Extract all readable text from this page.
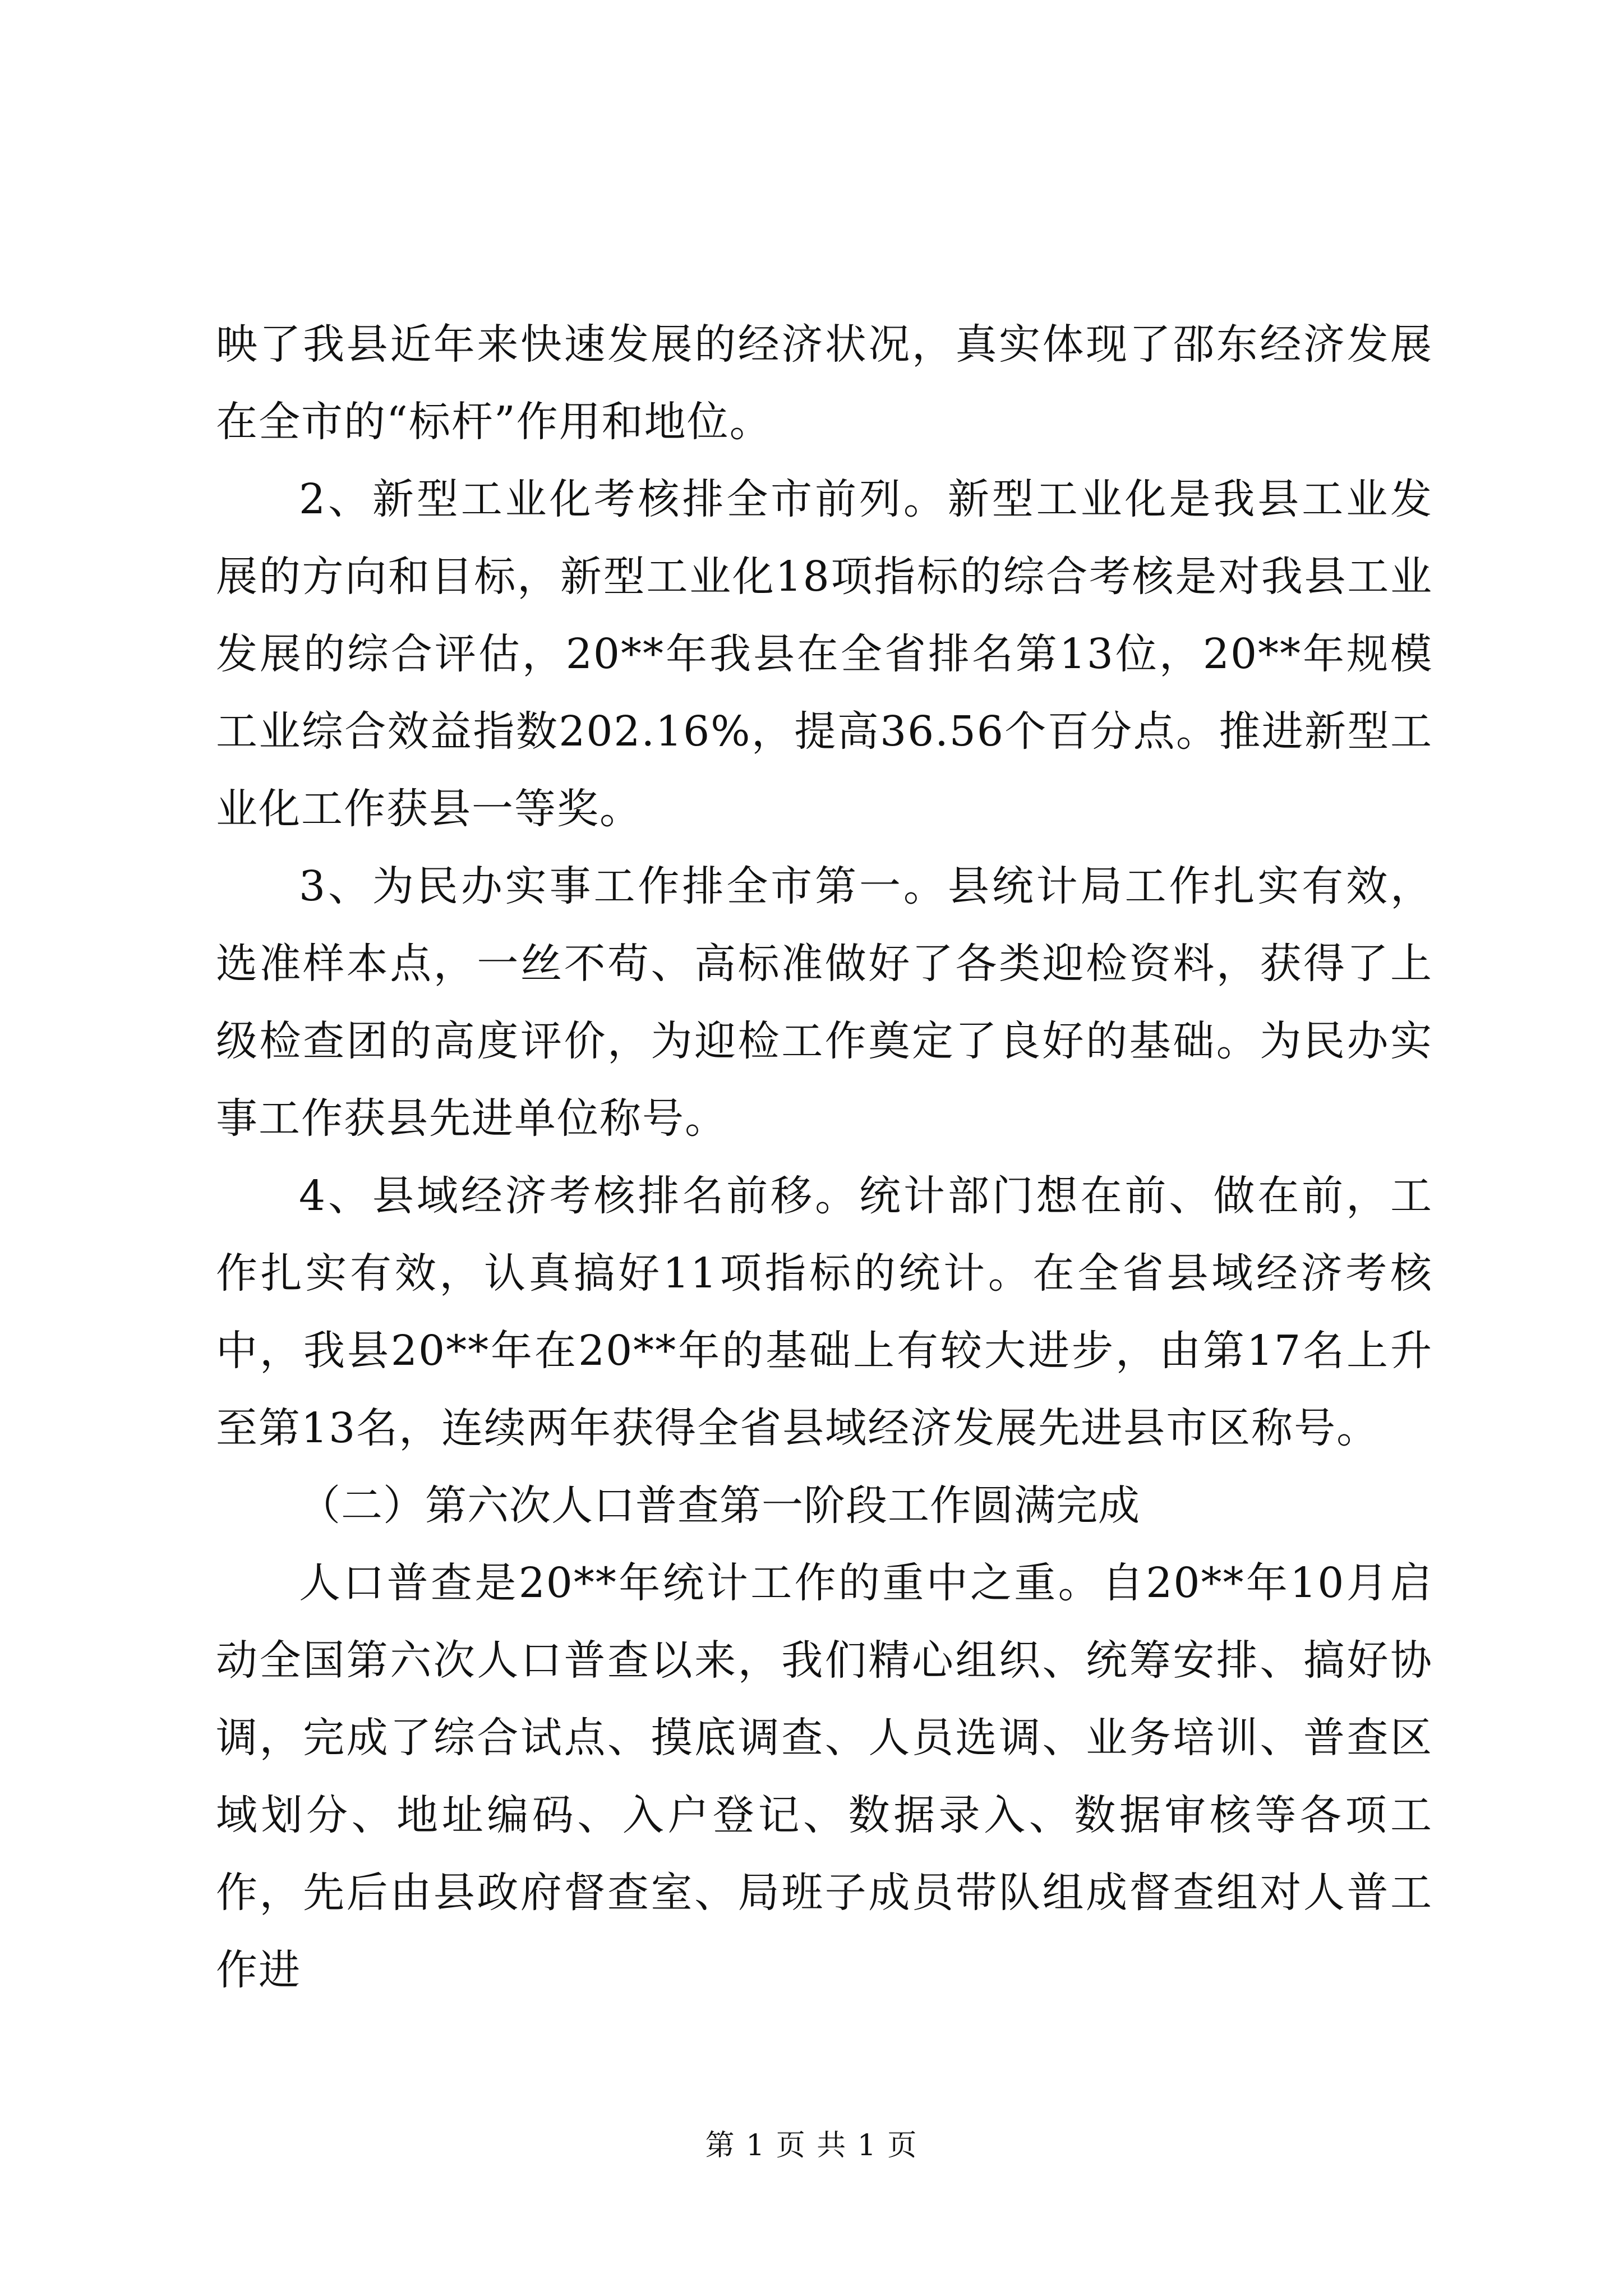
映了我县近年来快速发展的经济状况，真实体现了邵东经济发展在全市的“标杆”作用和地位。

2、新型工业化考核排全市前列。新型工业化是我县工业发展的方向和目标，新型工业化18项指标的综合考核是对我县工业发展的综合评估，20**年我县在全省排名第13位，20**年规模工业综合效益指数202.16%，提高36.56个百分点。推进新型工业化工作获县一等奖。

3、为民办实事工作排全市第一。县统计局工作扎实有效，选准样本点，一丝不苟、高标准做好了各类迎检资料，获得了上级检查团的高度评价，为迎检工作奠定了良好的基础。为民办实事工作获县先进单位称号。

4、县域经济考核排名前移。统计部门想在前、做在前，工作扎实有效，认真搞好11项指标的统计。在全省县域经济考核中，我县20**年在20**年的基础上有较大进步，由第17名上升至第13名，连续两年获得全省县域经济发展先进县市区称号。

（二）第六次人口普查第一阶段工作圆满完成

人口普查是20**年统计工作的重中之重。自20**年10月启动全国第六次人口普查以来，我们精心组织、统筹安排、搞好协调，完成了综合试点、摸底调查、人员选调、业务培训、普查区域划分、地址编码、入户登记、数据录入、数据审核等各项工作，先后由县政府督查室、局班子成员带队组成督查组对人普工作进

第 1 页 共 1 页
